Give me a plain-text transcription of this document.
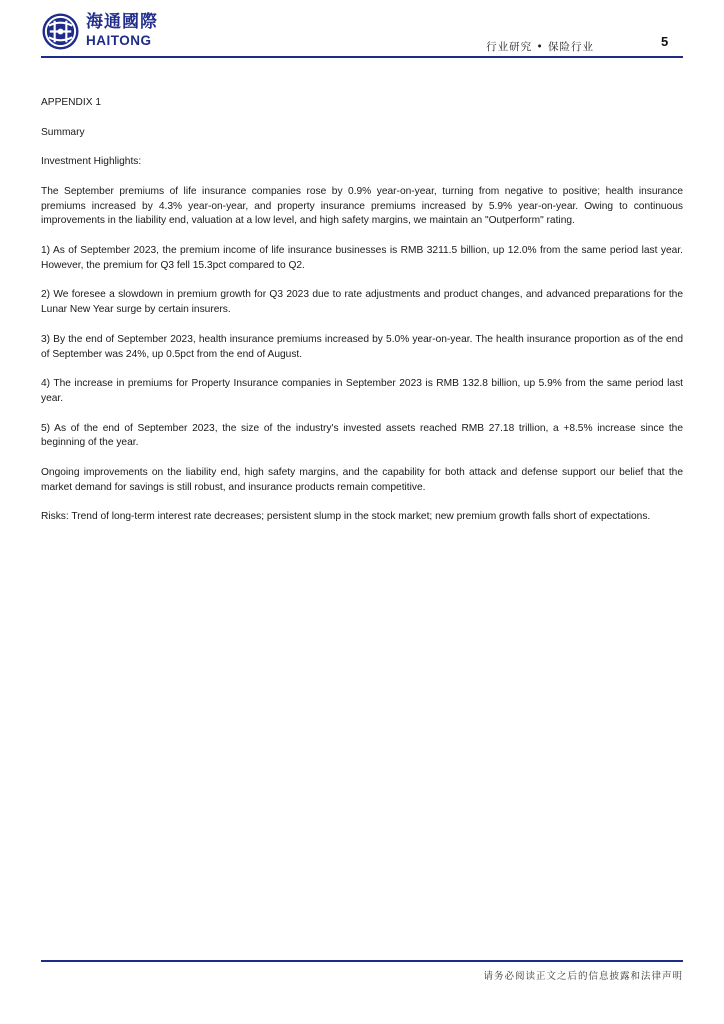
海通國際
HAITONG	行业研究 • 保险行业	5

APPENDIX 1

Summary

Investment Highlights:

The September premiums of life insurance companies rose by 0.9% year-on-year, turning from negative to positive; health insurance premiums increased by 4.3% year-on-year, and property insurance premiums increased by 5.9% year-on-year. Owing to continuous improvements in the liability end, valuation at a low level, and high safety margins, we maintain an "Outperform" rating.

1) As of September 2023, the premium income of life insurance businesses is RMB 3211.5 billion, up 12.0% from the same period last year. However, the premium for Q3 fell 15.3pct compared to Q2.

2) We foresee a slowdown in premium growth for Q3 2023 due to rate adjustments and product changes, and advanced preparations for the Lunar New Year surge by certain insurers.

3) By the end of September 2023, health insurance premiums increased by 5.0% year-on-year. The health insurance proportion as of the end of September was 24%, up 0.5pct from the end of August.

4) The increase in premiums for Property Insurance companies in September 2023 is RMB 132.8 billion, up 5.9% from the same period last year.

5) As of the end of September 2023, the size of the industry's invested assets reached RMB 27.18 trillion, a +8.5% increase since the beginning of the year.

Ongoing improvements on the liability end, high safety margins, and the capability for both attack and defense support our belief that the market demand for savings is still robust, and insurance products remain competitive.

Risks: Trend of long-term interest rate decreases; persistent slump in the stock market; new premium growth falls short of expectations.

请务必阅读正文之后的信息披露和法律声明
